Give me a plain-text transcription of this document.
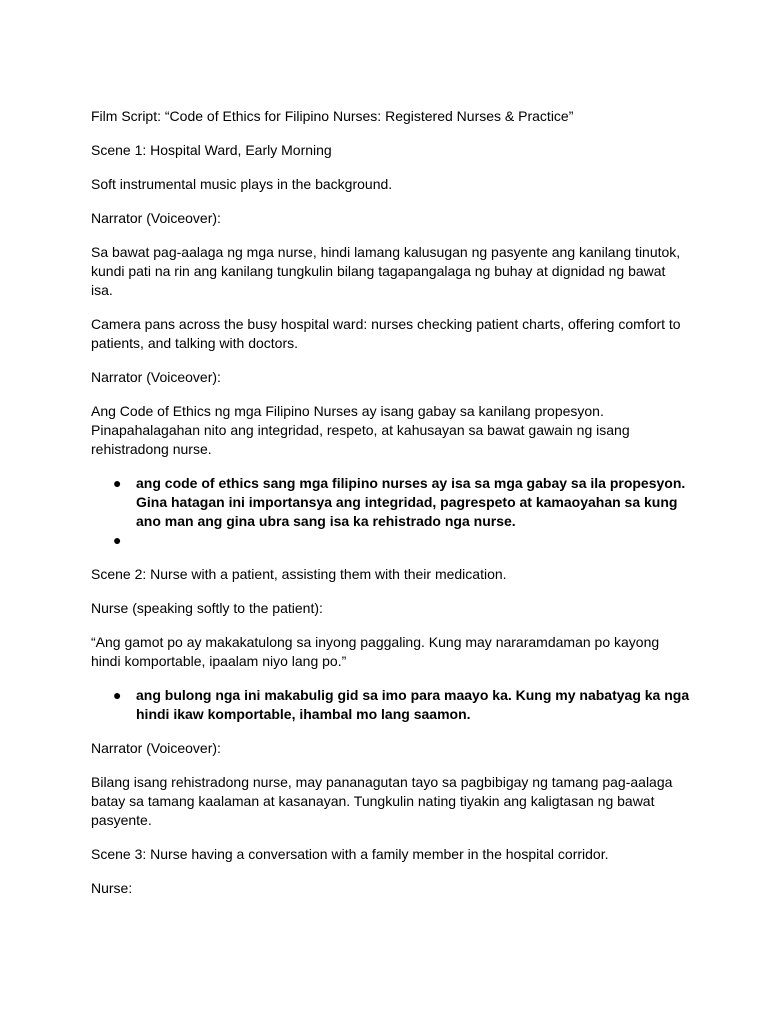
Film Script: “Code of Ethics for Filipino Nurses: Registered Nurses & Practice”

Scene 1: Hospital Ward, Early Morning

Soft instrumental music plays in the background.

Narrator (Voiceover):

Sa bawat pag-aalaga ng mga nurse, hindi lamang kalusugan ng pasyente ang kanilang tinutok, kundi pati na rin ang kanilang tungkulin bilang tagapangalaga ng buhay at dignidad ng bawat isa.

Camera pans across the busy hospital ward: nurses checking patient charts, offering comfort to patients, and talking with doctors.

Narrator (Voiceover):

Ang Code of Ethics ng mga Filipino Nurses ay isang gabay sa kanilang propesyon. Pinapahalagahan nito ang integridad, respeto, at kahusayan sa bawat gawain ng isang rehistradong nurse.

● ang code of ethics sang mga filipino nurses ay isa sa mga gabay sa ila propesyon. Gina hatagan ini importansya ang integridad, pagrespeto at kamaoyahan sa kung ano man ang gina ubra sang isa ka rehistrado nga nurse.
●

Scene 2: Nurse with a patient, assisting them with their medication.

Nurse (speaking softly to the patient):

“Ang gamot po ay makakatulong sa inyong paggaling. Kung may nararamdaman po kayong hindi komportable, ipaalam niyo lang po.”

● ang bulong nga ini makabulig gid sa imo para maayo ka. Kung my nabatyag ka nga hindi ikaw komportable, ihambal mo lang saamon.

Narrator (Voiceover):

Bilang isang rehistradong nurse, may pananagutan tayo sa pagbibigay ng tamang pag-aalaga batay sa tamang kaalaman at kasanayan. Tungkulin nating tiyakin ang kaligtasan ng bawat pasyente.

Scene 3: Nurse having a conversation with a family member in the hospital corridor.

Nurse:
